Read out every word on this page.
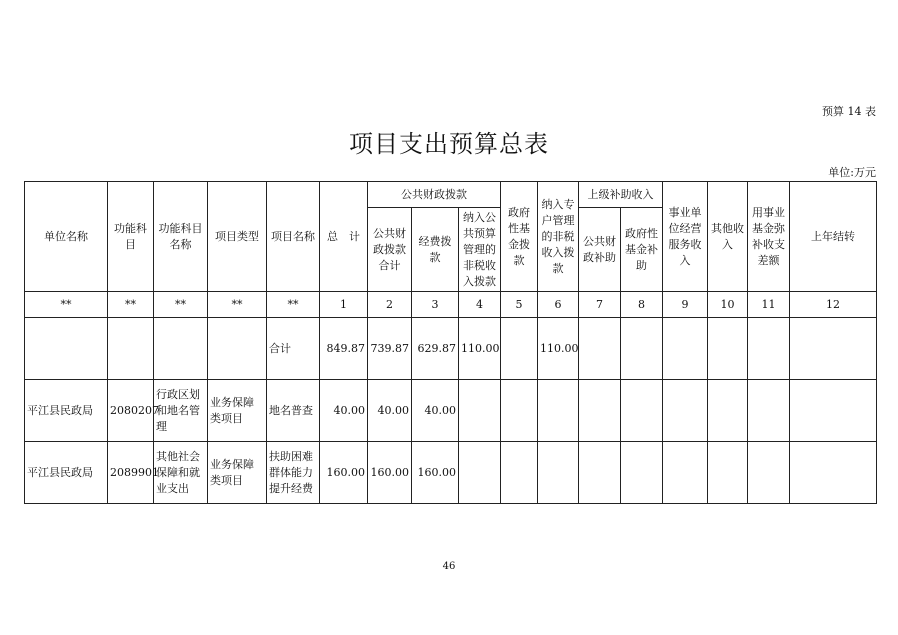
预算 14 表
项目支出预算总表
单位:万元
单位名称	功能科目	功能科目名称	项目类型	项目名称	总　计	公共财政拨款			政府性基金拨款	纳入专户管理的非税收入拨款	上级补助收入		事业单位经营服务收入	其他收入	用事业基金弥补收支差额	上年结转
						公共财政拨款合计	经费拨款	纳入公共预算管理的非税收入拨款			公共财政补助	政府性基金补助				
**	**	**	**	**	1	2	3	4	5	6	7	8	9	10	11	12
				合计	849.87	739.87	629.87	110.00		110.00						
平江县民政局	2080207	行政区划和地名管理	业务保障类项目	地名普查	40.00	40.00	40.00									
平江县民政局	2089901	其他社会保障和就业支出	业务保障类项目	扶助困难群体能力提升经费	160.00	160.00	160.00									
46
